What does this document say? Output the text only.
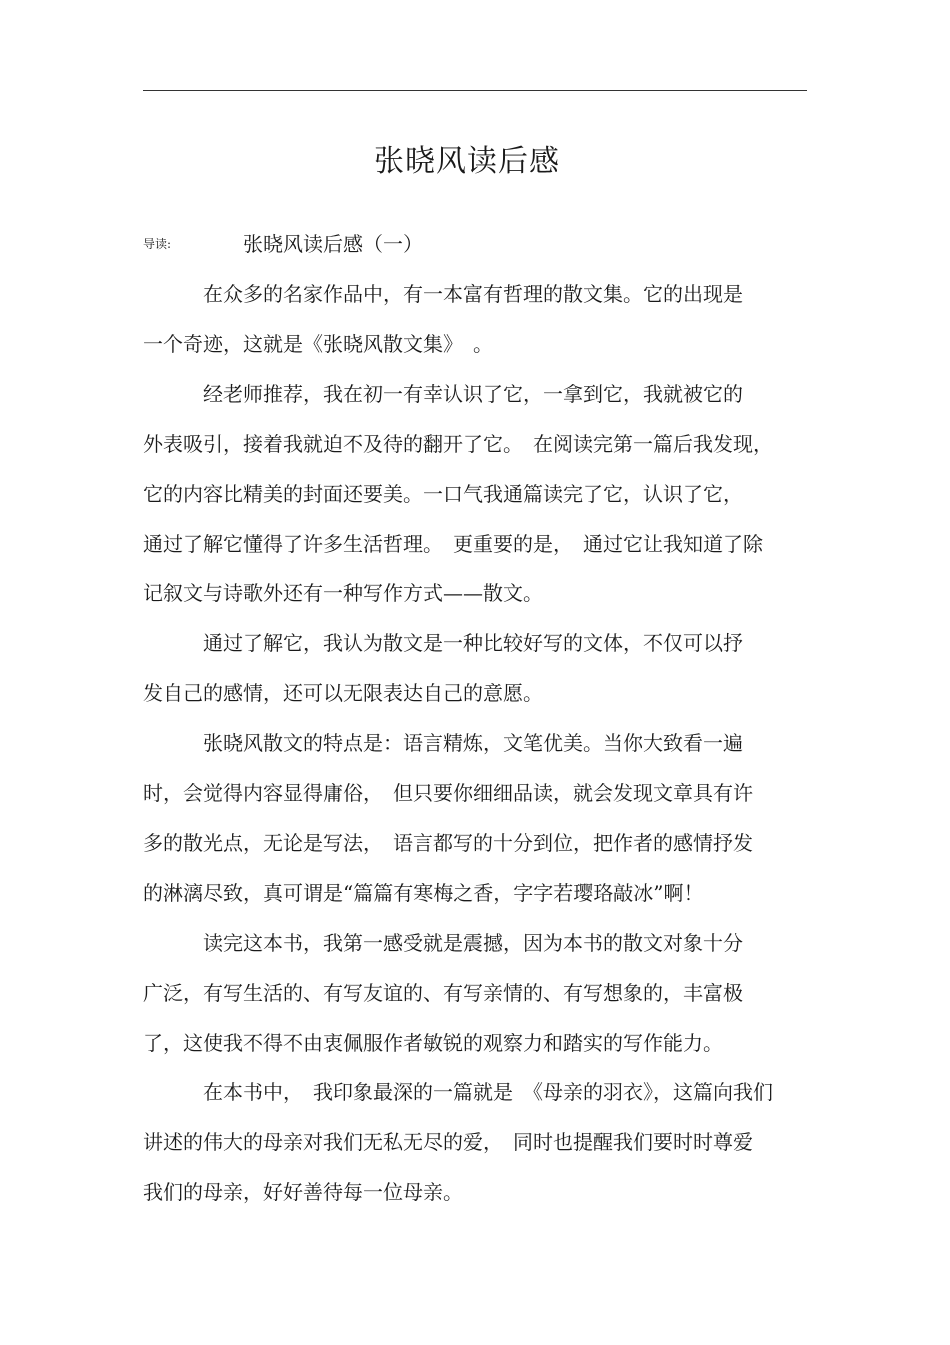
张晓风读后感
导读:	张晓风读后感（一）
在众多的名家作品中，有一本富有哲理的散文集。它的出现是
一个奇迹，这就是《张晓风散文集》　。
经老师推荐，我在初一有幸认识了它，一拿到它，我就被它的
外表吸引，接着我就迫不及待的翻开了它。　在阅读完第一篇后我发现，
它的内容比精美的封面还要美。一口气我通篇读完了它，认识了它，
通过了解它懂得了许多生活哲理。　更重要的是，　通过它让我知道了除
记叙文与诗歌外还有一种写作方式——散文。
通过了解它，我认为散文是一种比较好写的文体，不仅可以抒
发自己的感情，还可以无限表达自己的意愿。
张晓风散文的特点是：语言精炼，文笔优美。当你大致看一遍
时，会觉得内容显得庸俗，　但只要你细细品读，就会发现文章具有许
多的散光点，无论是写法，　语言都写的十分到位，把作者的感情抒发
的淋漓尽致，真可谓是“篇篇有寒梅之香，字字若璎珞敲冰”啊！
读完这本书，我第一感受就是震撼，因为本书的散文对象十分
广泛，有写生活的、有写友谊的、有写亲情的、有写想象的，丰富极
了，这使我不得不由衷佩服作者敏锐的观察力和踏实的写作能力。
在本书中，　我印象最深的一篇就是　《母亲的羽衣》，这篇向我们
讲述的伟大的母亲对我们无私无尽的爱，　同时也提醒我们要时时尊爱
我们的母亲，好好善待每一位母亲。
